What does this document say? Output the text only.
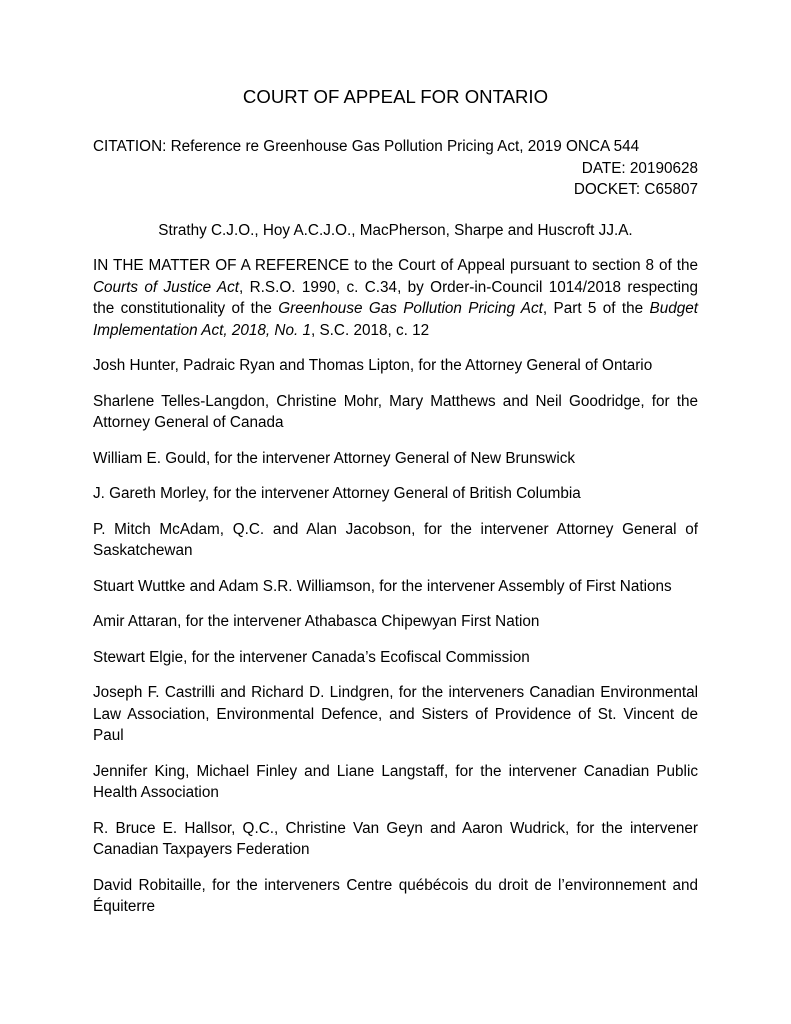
COURT OF APPEAL FOR ONTARIO

CITATION: Reference re Greenhouse Gas Pollution Pricing Act, 2019 ONCA 544

DATE: 20190628

DOCKET: C65807

Strathy C.J.O., Hoy A.C.J.O., MacPherson, Sharpe and Huscroft JJ.A.

IN THE MATTER OF A REFERENCE to the Court of Appeal pursuant to section 8 of the Courts of Justice Act, R.S.O. 1990, c. C.34, by Order-in-Council 1014/2018 respecting the constitutionality of the Greenhouse Gas Pollution Pricing Act, Part 5 of the Budget Implementation Act, 2018, No. 1, S.C. 2018, c. 12

Josh Hunter, Padraic Ryan and Thomas Lipton, for the Attorney General of Ontario

Sharlene Telles-Langdon, Christine Mohr, Mary Matthews and Neil Goodridge, for the Attorney General of Canada

William E. Gould, for the intervener Attorney General of New Brunswick

J. Gareth Morley, for the intervener Attorney General of British Columbia

P. Mitch McAdam, Q.C. and Alan Jacobson, for the intervener Attorney General of Saskatchewan

Stuart Wuttke and Adam S.R. Williamson, for the intervener Assembly of First Nations

Amir Attaran, for the intervener Athabasca Chipewyan First Nation

Stewart Elgie, for the intervener Canada’s Ecofiscal Commission

Joseph F. Castrilli and Richard D. Lindgren, for the interveners Canadian Environmental Law Association, Environmental Defence, and Sisters of Providence of St. Vincent de Paul

Jennifer King, Michael Finley and Liane Langstaff, for the intervener Canadian Public Health Association

R. Bruce E. Hallsor, Q.C., Christine Van Geyn and Aaron Wudrick, for the intervener Canadian Taxpayers Federation

David Robitaille, for the interveners Centre québécois du droit de l’environnement and Équiterre
